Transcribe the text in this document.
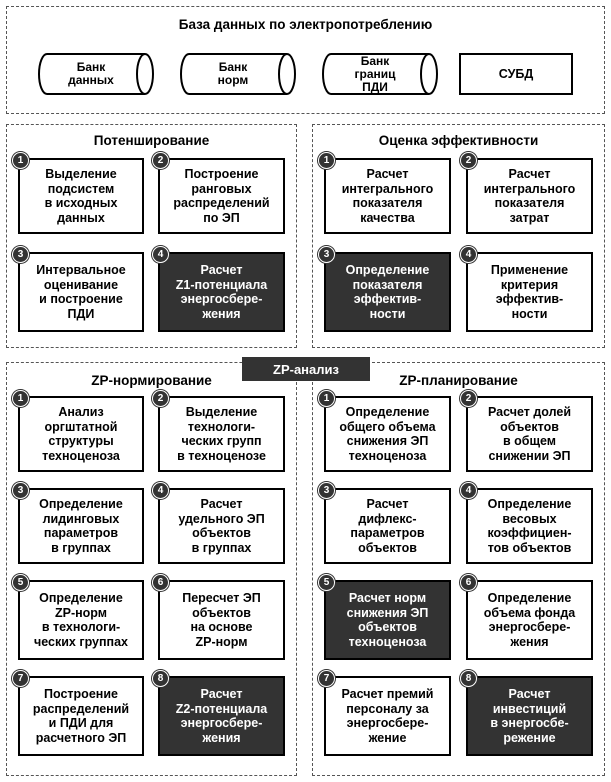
База данных по электропотреблению
Банк
данных
Банк
норм
Банк
границ
ПДИ
СУБД
Потенширование
Выделение
подсистем
в исходных
данных
1
Построение
ранговых
распределений
по ЭП
2
Интервальное
оценивание
и построение
ПДИ
3
Расчет
Z1-потенциала
энергосбере-
жения
4
Оценка эффективности
Расчет
интегрального
показателя
качества
1
Расчет
интегрального
показателя
затрат
2
Определение
показателя
эффектив-
ности
3
Применение
критерия
эффектив-
ности
4
ZP-анализ
ZP-нормирование
Анализ
оргштатной
структуры
техноценоза
1
Выделение
технологи-
ческих групп
в техноценозе
2
Определение
лидинговых
параметров
в группах
3
Расчет
удельного ЭП
объектов
в группах
4
Определение
ZP-норм
в технологи-
ческих группах
5
Пересчет ЭП
объектов
на основе
ZP-норм
6
Построение
распределений
и ПДИ для
расчетного ЭП
7
Расчет
Z2-потенциала
энергосбере-
жения
8
ZP-планирование
Определение
общего объема
снижения ЭП
техноценоза
1
Расчет долей
объектов
в общем
снижении ЭП
2
Расчет
дифлекс-
параметров
объектов
3
Определение
весовых
коэффициен-
тов объектов
4
Расчет норм
снижения ЭП
объектов
техноценоза
5
Определение
объема фонда
энергосбере-
жения
6
Расчет премий
персоналу за
энергосбере-
жение
7
Расчет
инвестиций
в энергосбе-
режение
8
